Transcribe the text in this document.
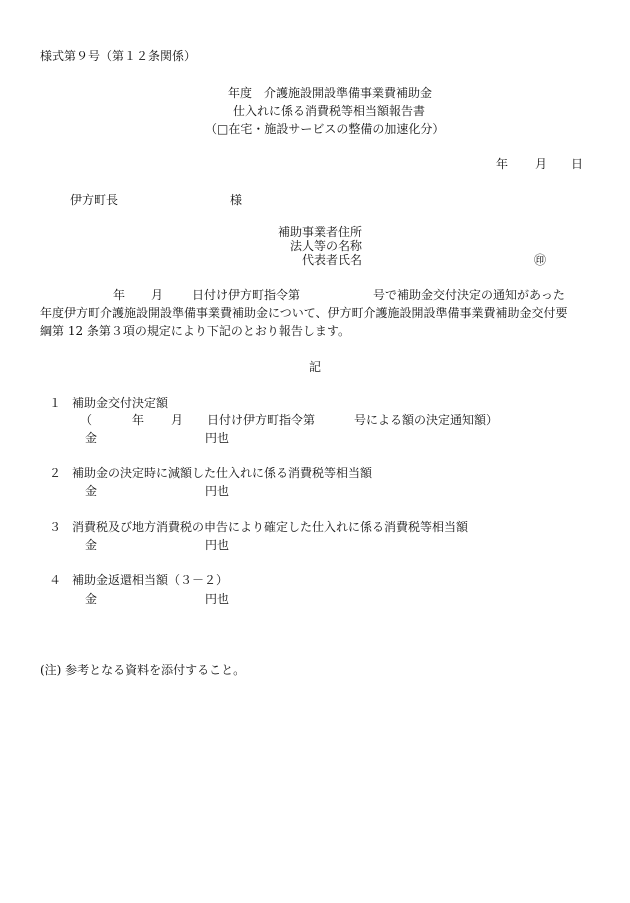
様式第９号（第１２条関係）
年度　介護施設開設準備事業費補助金
仕入れに係る消費税等相当額報告書
（□在宅・施設サービスの整備の加速化分）
年 月 日
伊方町長	様
補助事業者住所
法人等の名称
代表者氏名	㊞
年 月 日付け伊方町指令第	号で補助金交付決定の通知があった
年度伊方町介護施設開設準備事業費補助金について、伊方町介護施設開設準備事業費補助金交付要
綱第 12 条第３項の規定により下記のとおり報告します。
記
１ 補助金交付決定額
（	年 月 日付け伊方町指令第	号による額の決定通知額）
金	円也
２ 補助金の決定時に減額した仕入れに係る消費税等相当額
金	円也
３ 消費税及び地方消費税の申告により確定した仕入れに係る消費税等相当額
金	円也
４ 補助金返還相当額（３－２）
金	円也
(注) 参考となる資料を添付すること。
